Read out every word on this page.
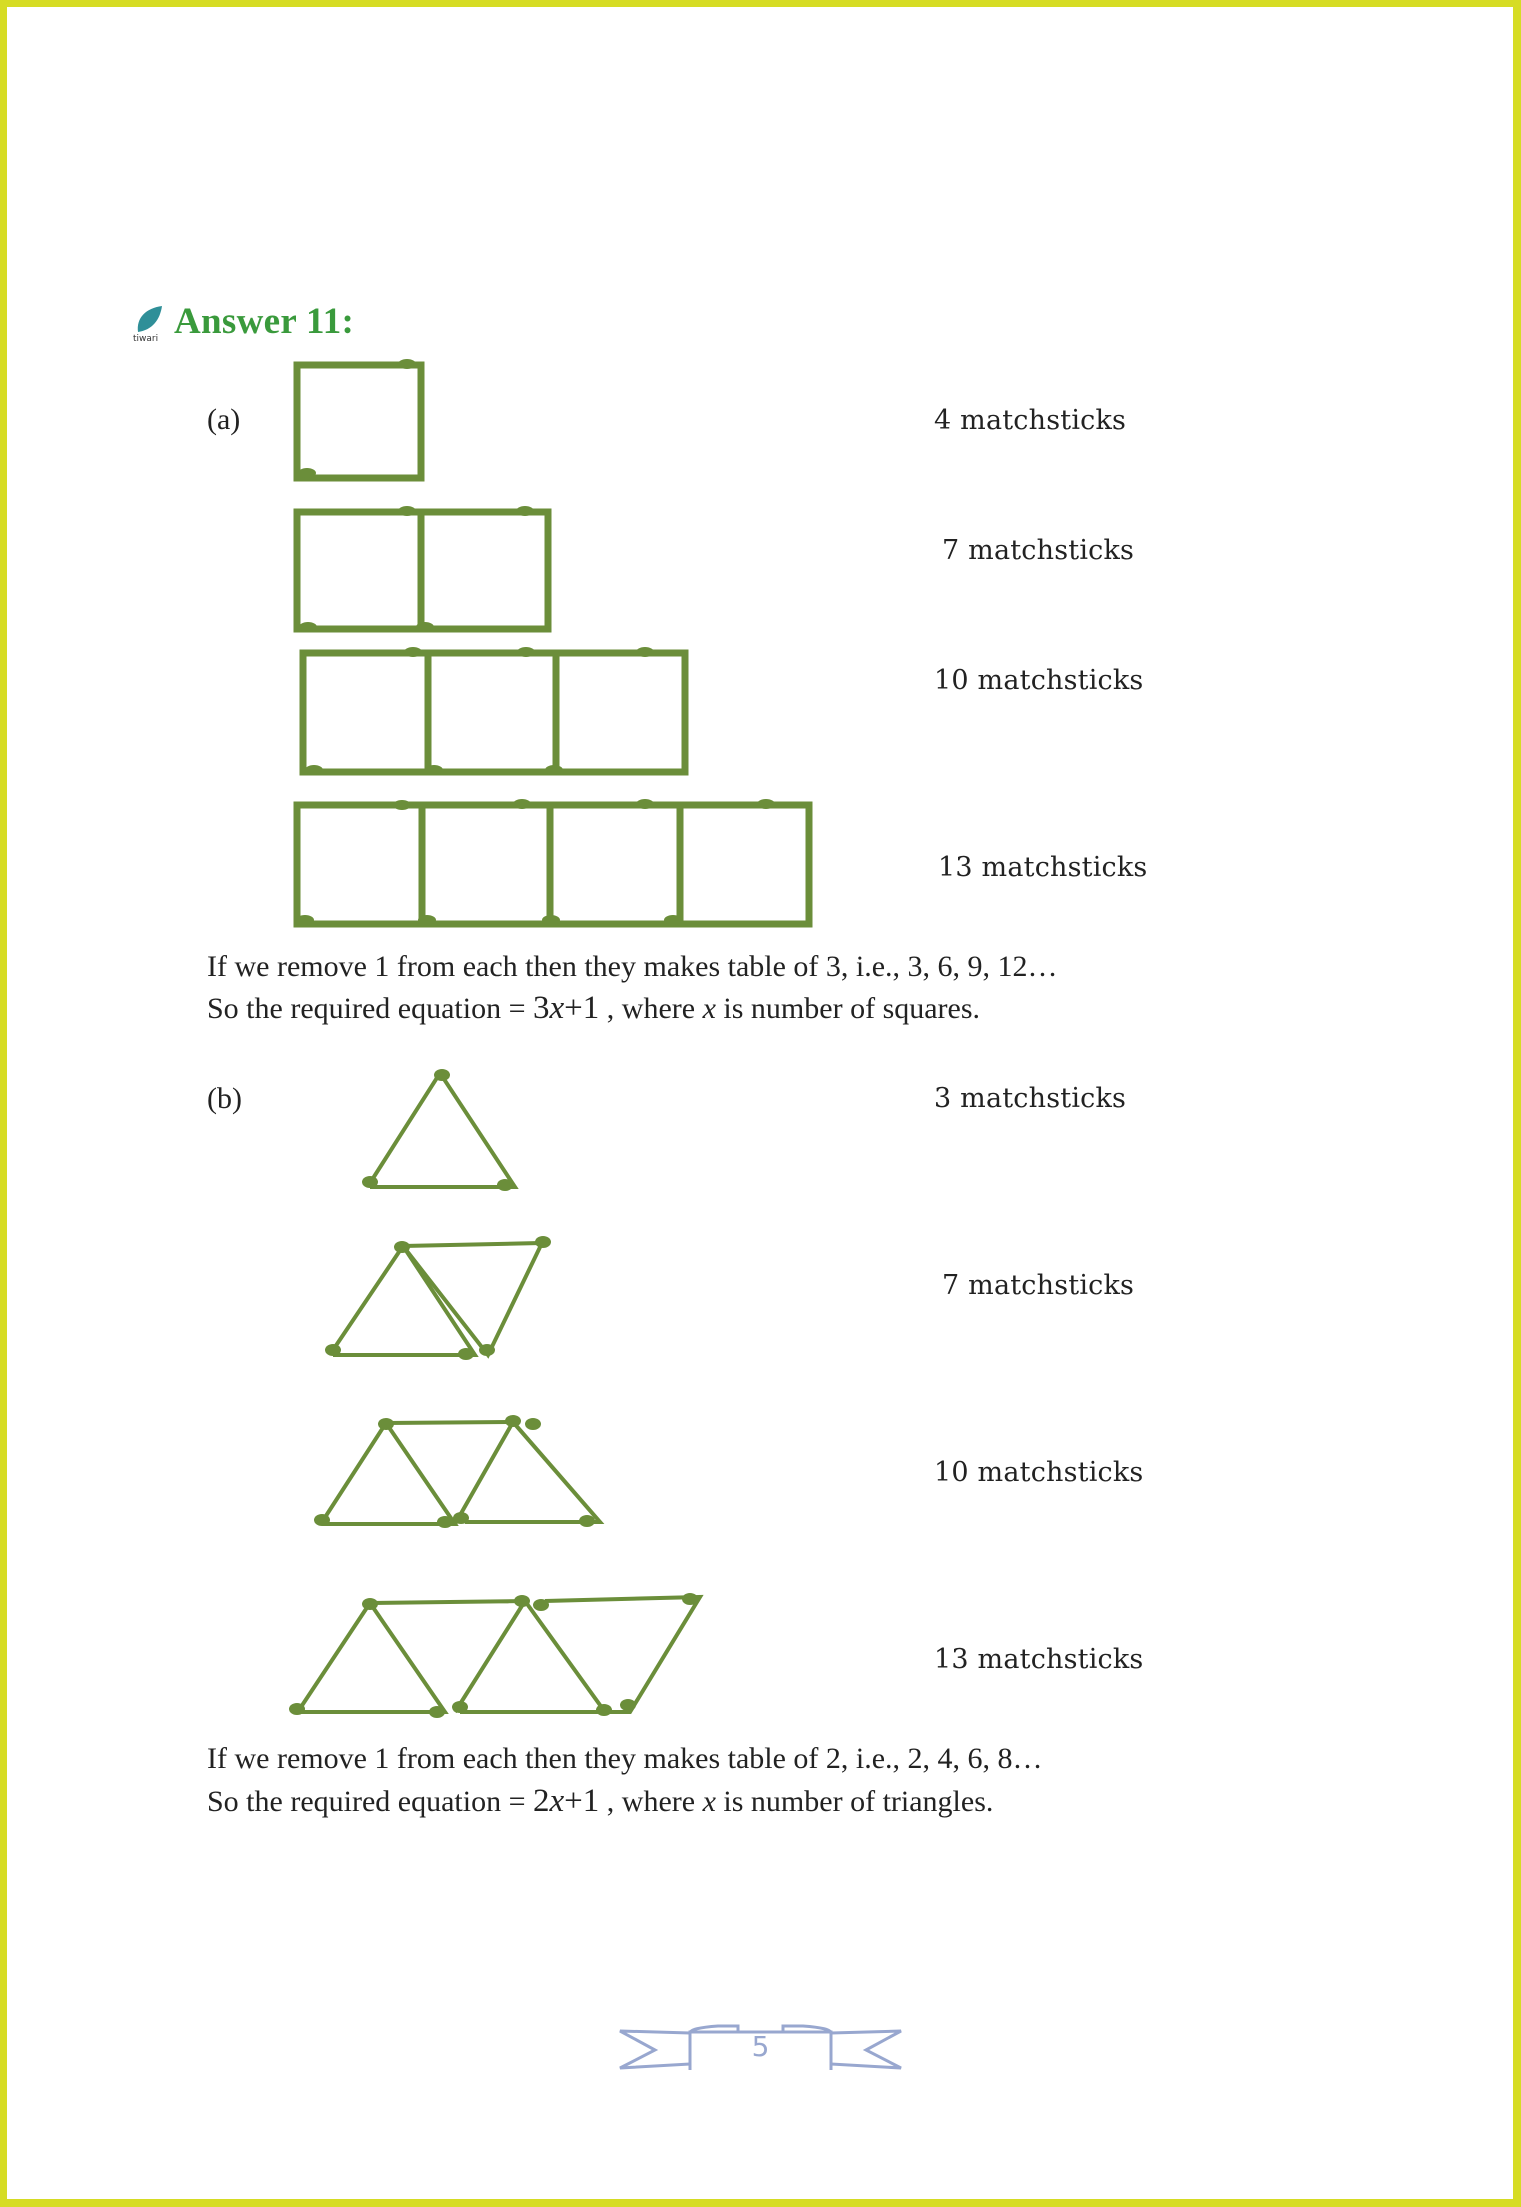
tiwari Answer 11:
(a)	4 matchsticks
7 matchsticks
10 matchsticks
13 matchsticks
If we remove 1 from each then they makes table of 3, i.e., 3, 6, 9, 12…
So the required equation = 3x+1 , where x is number of squares.
(b)	3 matchsticks
7 matchsticks
10 matchsticks
13 matchsticks
If we remove 1 from each then they makes table of 2, i.e., 2, 4, 6, 8…
So the required equation = 2x+1 , where x is number of triangles.
5
